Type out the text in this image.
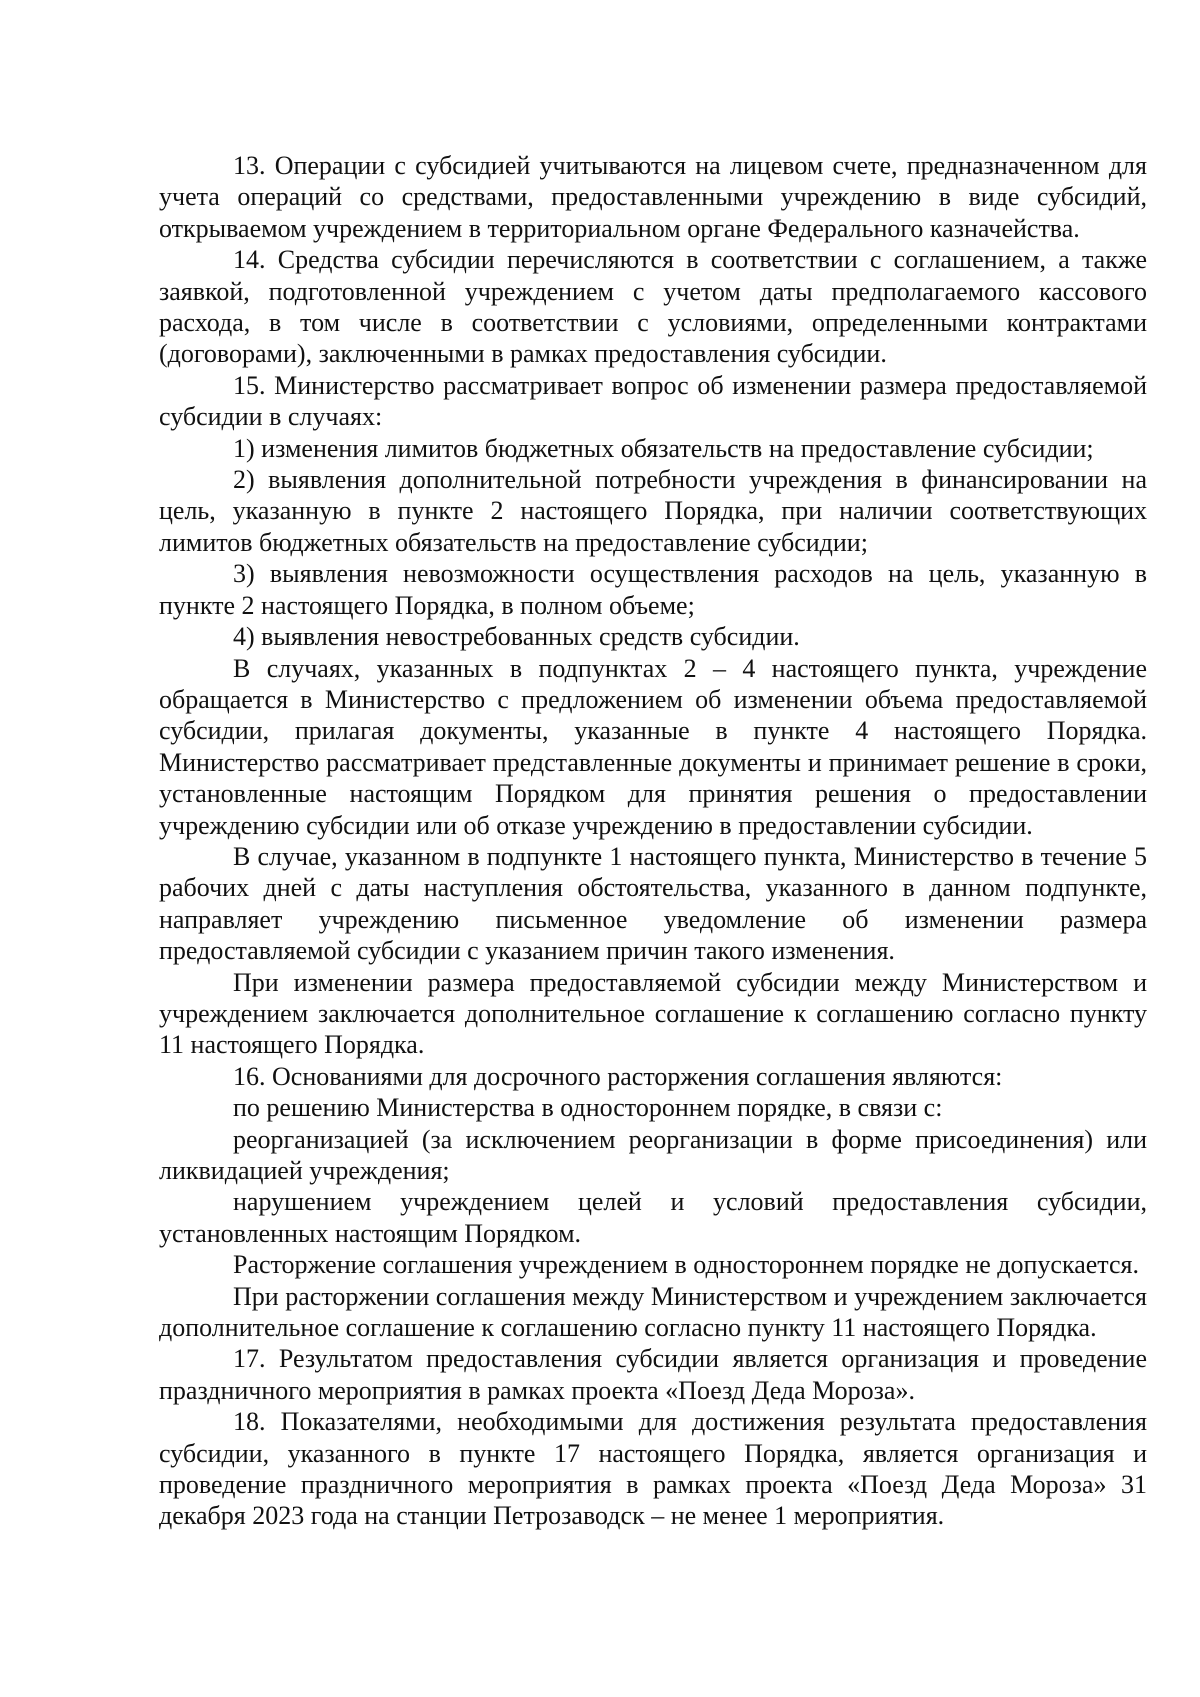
13. Операции с субсидией учитываются на лицевом счете, предназначенном для учета операций со средствами, предоставленными учреждению в виде субсидий, открываемом учреждением в территориальном органе Федерального казначейства.

14. Средства субсидии перечисляются в соответствии с соглашением, а также заявкой, подготовленной учреждением с учетом даты предполагаемого кассового расхода, в том числе в соответствии с условиями, определенными контрактами (договорами), заключенными в рамках предоставления субсидии.

15. Министерство рассматривает вопрос об изменении размера предоставляемой субсидии в случаях:

1) изменения лимитов бюджетных обязательств на предоставление субсидии;

2) выявления дополнительной потребности учреждения в финансировании на цель, указанную в пункте 2 настоящего Порядка, при наличии соответствующих лимитов бюджетных обязательств на предоставление субсидии;

3) выявления невозможности осуществления расходов на цель, указанную в пункте 2 настоящего Порядка, в полном объеме;

4) выявления невостребованных средств субсидии.

В случаях, указанных в подпунктах 2 – 4 настоящего пункта, учреждение обращается в Министерство с предложением об изменении объема предоставляемой субсидии, прилагая документы, указанные в пункте 4 настоящего Порядка. Министерство рассматривает представленные документы и принимает решение в сроки, установленные настоящим Порядком для принятия решения о предоставлении учреждению субсидии или об отказе учреждению в предоставлении субсидии.

В случае, указанном в подпункте 1 настоящего пункта, Министерство в течение 5 рабочих дней с даты наступления обстоятельства, указанного в данном подпункте, направляет учреждению письменное уведомление об изменении размера предоставляемой субсидии с указанием причин такого изменения.

При изменении размера предоставляемой субсидии между Министерством и учреждением заключается дополнительное соглашение к соглашению согласно пункту 11 настоящего Порядка.

16. Основаниями для досрочного расторжения соглашения являются:

по решению Министерства в одностороннем порядке, в связи с:

реорганизацией (за исключением реорганизации в форме присоединения) или ликвидацией учреждения;

нарушением учреждением целей и условий предоставления субсидии, установленных настоящим Порядком.

Расторжение соглашения учреждением в одностороннем порядке не допускается.

При расторжении соглашения между Министерством и учреждением заключается дополнительное соглашение к соглашению согласно пункту 11 настоящего Порядка.

17. Результатом предоставления субсидии является организация и проведение праздничного мероприятия в рамках проекта «Поезд Деда Мороза».

18. Показателями, необходимыми для достижения результата предоставления субсидии, указанного в пункте 17 настоящего Порядка, является организация и проведение праздничного мероприятия в рамках проекта «Поезд Деда Мороза» 31 декабря 2023 года на станции Петрозаводск – не менее 1 мероприятия.
